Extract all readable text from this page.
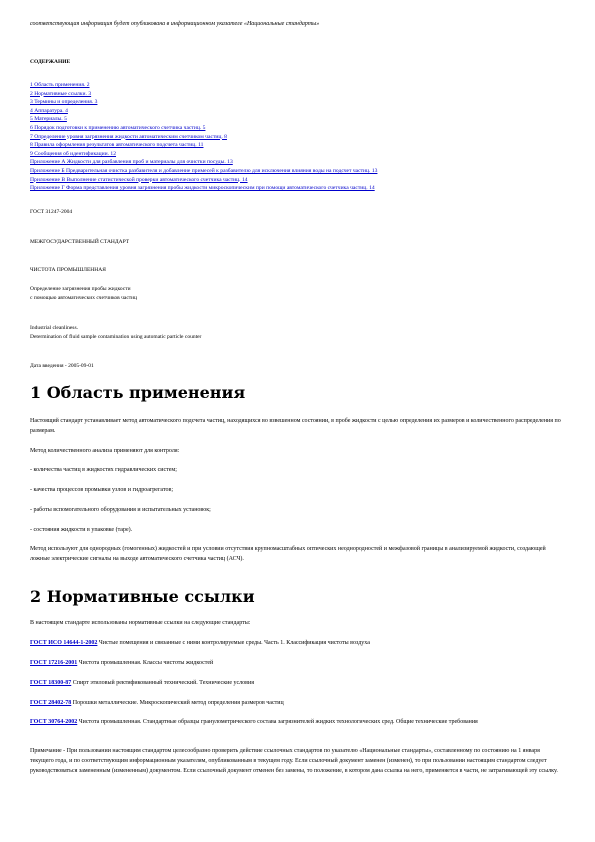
соответствующая информация будет опубликована в информационном указателе «Национальные стандарты»
СОДЕРЖАНИЕ
1 Область применения. 2
2 Нормативные ссылки. 3
3 Термины и определения. 3
4 Аппаратура. 4
5 Материалы. 5
6 Порядок подготовки к применению автоматического счетчика частиц. 5
7 Определение уровня загрязнения жидкости автоматическим счетчиком частиц. 8
8 Правила оформления результатов автоматического подсчета частиц. 11
9 Сообщения об идентификации. 12
Приложение А Жидкости для разбавления проб и материалы для очистки посуды. 13
Приложение Б Предварительная очистка разбавителя и добавление примесей к разбавителю для исключения влияния воды на подсчет частиц. 13
Приложение В Выполнение статистической проверки автоматического счетчика частиц. 14
Приложение Г Форма представления уровня загрязнения пробы жидкости микроскопическим при помощи автоматического счетчика частиц. 14
ГОСТ 31247-2004
МЕЖГОСУДАРСТВЕННЫЙ СТАНДАРТ
ЧИСТОТА ПРОМЫШЛЕННАЯ
Определение загрязнения пробы жидкости
с помощью автоматических счетчиков частиц
Industrial cleanliness.
Determination of fluid sample contamination using automatic particle counter
Дата введения - 2005-09-01
1 Область применения
Настоящий стандарт устанавливает метод автоматического подсчета частиц, находящихся во взвешенном состоянии, в пробе жидкости с целью определения их размеров и количественного распределения по размерам.
Метод количественного анализа применяют для контроля:
- количества частиц в жидкостях гидравлических систем;
- качества процессов промывки узлов и гидроагрегатов;
- работы вспомогательного оборудования и испытательных установок;
- состояния жидкости в упаковке (таре).
Метод используют для однородных (гомогенных) жидкостей и при условии отсутствия крупномасштабных оптических неоднородностей и межфазовой границы в анализируемой жидкости, создающей ложные электрические сигналы на выходе автоматического счетчика частиц (АСЧ).
2 Нормативные ссылки
В настоящем стандарте использованы нормативные ссылки на следующие стандарты:
ГОСТ ИСО 14644-1-2002 Чистые помещения и связанные с ними контролируемые среды. Часть 1. Классификация чистоты воздуха
ГОСТ 17216-2001 Чистота промышленная. Классы чистоты жидкостей
ГОСТ 18300-87 Спирт этиловый ректификованный технический. Технические условия
ГОСТ 28402-78 Порошки металлические. Микроскопический метод определения размеров частиц
ГОСТ 30764-2002 Чистота промышленная. Стандартные образцы гранулометрического состава загрязнителей жидких технологических сред. Общие технические требования
Примечание - При пользовании настоящим стандартом целесообразно проверить действие ссылочных стандартов по указателю «Национальные стандарты», составленному по состоянию на 1 января текущего года, и по соответствующим информационным указателям, опубликованным в текущем году. Если ссылочный документ заменен (изменен), то при пользовании настоящим стандартом следует руководствоваться замененным (измененным) документом. Если ссылочный документ отменен без замены, то положение, в котором дана ссылка на него, применяется в части, не затрагивающей эту ссылку.
